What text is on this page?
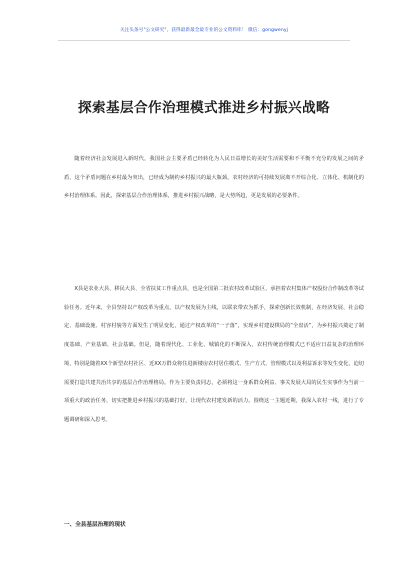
关注头条号"公文研究"，获得最新最全最专业的公文资料库！ 微信：gongwenyj
探索基层合作治理模式推进乡村振兴战略
随着经济社会发展进入新时代，我国社会主要矛盾已经转化为人民日益增长的美好生活需要和不平衡不充分的发展之间的矛盾，这个矛盾问题在乡村最为突出，已经成为制约乡村振兴的最大瓶颈。农村经济的可持续发展离不开综合化、立体化、机制化的乡村治理体系。因此，探索基层合作治理体系，推进乡村振兴战略，是大势所趋，更是发展的必要条件。
X县是农业大县、移民大县、全省扶贫工作重点县，也是全国第二批农村改革试验区，承担着农村集体产权股份合作制改革等试验任务。近年来，全县坚持以产权改革为重点，以产权发展为主线，以联农带农为抓手，探索创新长效机制，在经济发展、社会稳定、基础设施、村容村貌等方面发生了明显变化，通过产权改革的“一子落”，实现乡村建设棋局的“全盘活”，为乡村振兴奠定了制度基础、产业基础、社会基础。但是，随着现代化、工业化、城镇化的不断深入，农村传统治理模式已不适应日益复杂的治理环境，特别是随着XX个新型农村社区、近XX万群众将住进新楼房农村居住模式、生产方式、管理模式以及利益诉求等发生变化，迫切需要打造共建共治共享的基层合作治理格局。作为主要负责同志，必须将这一身系群众利益、事关发展大局的民生实事作为当前一项重大的政治任务，切实把推进乡村振兴的基础打好，让现代农村建发新的活力。围绕这一主题近期，我深入农村一线，进行了专题调研和深入思考。
一、全县基层治理的现状
